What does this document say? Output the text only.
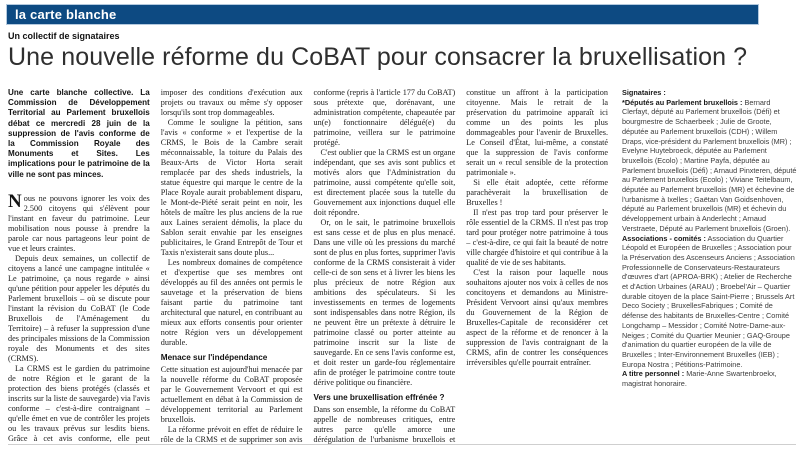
la carte blanche
Un collectif de signataires
Une nouvelle réforme du CoBAT pour consacrer la bruxellisation ?

Une carte blanche collective. La Commission de Développement Territorial au Parlement bruxellois débat ce mercredi 28 juin de la suppression de l'avis conforme de la Commission Royale des Monuments et Sites. Les implications pour le patrimoine de la ville ne sont pas minces.

Nous ne pouvons ignorer les voix des 2.500 citoyens qui s'élèvent pour l'instant en faveur du patrimoine. Leur mobilisation nous pousse à prendre la parole car nous partageons leur point de vue et leurs craintes.

Depuis deux semaines, un collectif de citoyens a lancé une campagne intitulée « Le patrimoine, ça nous regarde » ainsi qu'une pétition pour appeler les députés du Parlement bruxellois – où se discute pour l'instant la révision du CoBAT (le Code Bruxellois de l'Aménagement du Territoire) – à refuser la suppression d'une des principales missions de la Commission royale des Monuments et des sites (CRMS).

La CRMS est le gardien du patrimoine de notre Région et le garant de la protection des biens protégés (classés et inscrits sur la liste de sauvegarde) via l'avis conforme – c'est-à-dire contraignant – qu'elle émet en vue de contrôler les projets ou les travaux prévus sur lesdits biens. Grâce à cet avis conforme, elle peut imposer des conditions d'exécution aux projets ou travaux ou même s'y opposer lorsqu'ils sont trop dommageables.

Comme le souligne la pétition, sans l'avis « conforme » et l'expertise de la CRMS, le Bois de la Cambre serait méconnaissable, la toiture du Palais des Beaux-Arts de Victor Horta serait remplacée par des sheds industriels, la statue équestre qui marque le centre de la Place Royale aurait probablement disparu, le Mont-de-Piété serait peint en noir, les hôtels de maître les plus anciens de la rue aux Laines seraient démolis, la place du Sablon serait envahie par les enseignes publicitaires, le Grand Entrepôt de Tour et Taxis n'existerait sans doute plus...

Les nombreux domaines de compétence et d'expertise que ses membres ont développés au fil des années ont permis le sauvetage et la préservation de biens faisant partie du patrimoine tant architectural que naturel, en contribuant au mieux aux efforts consentis pour orienter notre Région vers un développement durable.

Menace sur l'indépendance

Cette situation est aujourd'hui menacée par la nouvelle réforme du CoBAT proposée par le Gouvernement Vervoort et qui est actuellement en débat à la Commission de développement territorial au Parlement bruxellois.

La réforme prévoit en effet de réduire le rôle de la CRMS et de supprimer son avis conforme (repris à l'article 177 du CoBAT) sous prétexte que, dorénavant, une administration compétente, chapeautée par un(e) fonctionnaire délégué(e) du patrimoine, veillera sur le patrimoine protégé.

C'est oublier que la CRMS est un organe indépendant, que ses avis sont publics et motivés alors que l'Administration du patrimoine, aussi compétente qu'elle soit, est directement placée sous la tutelle du Gouvernement aux injonctions duquel elle doit répondre.

Or, on le sait, le patrimoine bruxellois est sans cesse et de plus en plus menacé. Dans une ville où les pressions du marché sont de plus en plus fortes, supprimer l'avis conforme de la CRMS consisterait à vider celle-ci de son sens et à livrer les biens les plus précieux de notre Région aux ambitions des spéculateurs. Si les investissements en termes de logements sont indispensables dans notre Région, ils ne peuvent être un prétexte à détruire le patrimoine classé ou porter atteinte au patrimoine inscrit sur la liste de sauvegarde. En ce sens l'avis conforme est, et doit rester un garde-fou réglementaire afin de protéger le patrimoine contre toute dérive politique ou financière.

Vers une bruxellisation effrénée ?

Dans son ensemble, la réforme du CoBAT appelle de nombreuses critiques, entre autres parce qu'elle amorce une dérégulation de l'urbanisme bruxellois et constitue un affront à la participation citoyenne. Mais le retrait de la préservation du patrimoine apparaît ici comme un des points les plus dommageables pour l'avenir de Bruxelles. Le Conseil d'État, lui-même, a constaté que la suppression de l'avis conforme serait un « recul sensible de la protection patrimoniale ».

Si elle était adoptée, cette réforme parachèverait la bruxellisation de Bruxelles !

Il n'est pas trop tard pour préserver le rôle essentiel de la CRMS. Il n'est pas trop tard pour protéger notre patrimoine à tous – c'est-à-dire, ce qui fait la beauté de notre ville chargée d'histoire et qui contribue à la qualité de vie de ses habitants.

C'est la raison pour laquelle nous souhaitons ajouter nos voix à celles de nos concitoyens et demandons au Ministre-Président Vervoort ainsi qu'aux membres du Gouvernement de la Région de Bruxelles-Capitale de reconsidérer cet aspect de la réforme et de renoncer à la suppression de l'avis contraignant de la CRMS, afin de contrer les conséquences irréversibles qu'elle pourrait entraîner.

Signataires :

*Députés au Parlement bruxellois : Bernard Clerfayt, député au Parlement bruxellois (Défi) et bourgmestre de Schaerbeek ; Julie de Groote, députée au Parlement bruxellois (CDH) ; Willem Draps, vice-président du Parlement bruxellois (MR) ; Evelyne Huytebroeck, députée au Parlement bruxellois (Ecolo) ; Martine Payfa, députée au Parlement bruxellois (Défi) ; Arnaud Pinxteren, député au Parlement bruxellois (Ecolo) ; Viviane Teitelbaum, députée au Parlement bruxellois (MR) et échevine de l'urbanisme à Ixelles ; Gaëtan Van Goidsenhoven, député au Parlement bruxellois (MR) et échevin du développement urbain à Anderlecht ; Arnaud Verstraete, Député au Parlement bruxellois (Groen).

Associations - comités : Association du Quartier Léopold et Européen de Bruxelles ; Association pour la Préservation des Ascenseurs Anciens ; Association Professionnelle de Conservateurs-Restaurateurs d'œuvres d'art (APROA-BRK) ; Atelier de Recherche et d'Action Urbaines (ARAU) ; Broebel'Air – Quartier durable citoyen de la place Saint-Pierre ; Brussels Art Deco Society ; BruxellesFabriques ; Comité de défense des habitants de Bruxelles-Centre ; Comité Longchamp – Messidor ; Comité Notre-Dame-aux-Neiges ; Comité du Quartier Meunier ; GAQ-Groupe d'animation du quartier européen de la ville de Bruxelles ; Inter-Environnement Bruxelles (IEB) ; Europa Nostra ; Pétitions-Patrimoine.

A titre personnel : Marie-Anne Swartenbroekx, magistrat honoraire.
